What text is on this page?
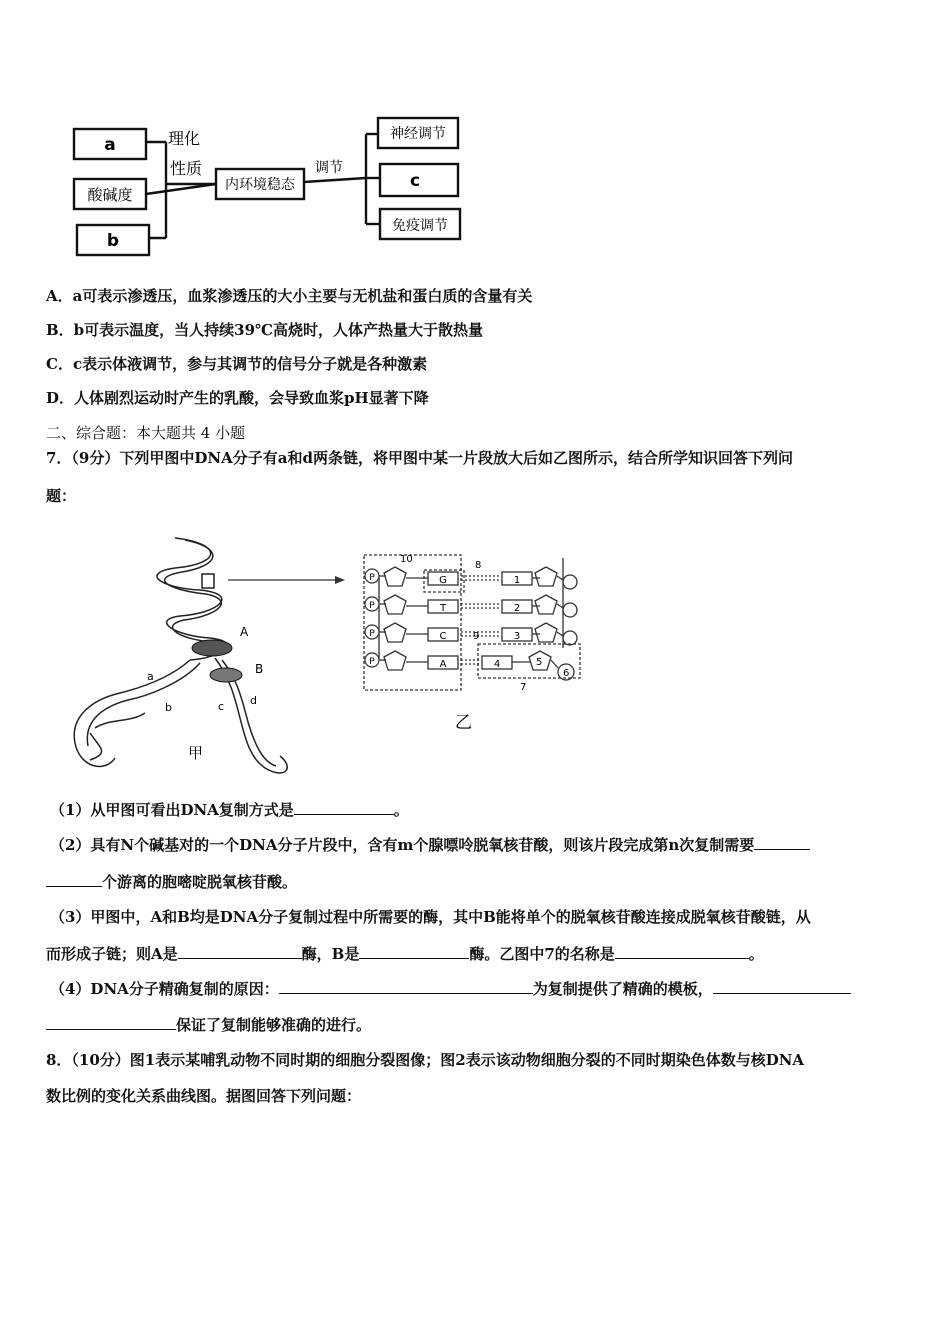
a
酸碱度
b
理化
性质
内环境稳态
调节
神经调节
c
免疫调节
A．a可表示渗透压，血浆渗透压的大小主要与无机盐和蛋白质的含量有关
B．b可表示温度，当人持续39℃高烧时，人体产热量大于散热量
C．c表示体液调节，参与其调节的信号分子就是各种激素
D．人体剧烈运动时产生的乳酸，会导致血浆pH显著下降
二、综合题：本大题共 4 小题
7．（9分）下列甲图中DNA分子有a和d两条链，将甲图中某一片段放大后如乙图所示，结合所学知识回答下列问
题：
A
B
a
b	c d
甲
P
P
P
P
G
T
C
A
1
2
3
4
10
8
9
5
6
7
乙
（1）从甲图可看出DNA复制方式是	。
（2）具有N个碱基对的一个DNA分子片段中，含有m个腺嘌呤脱氧核苷酸，则该片段完成第n次复制需要
个游离的胞嘧啶脱氧核苷酸。
（3）甲图中，A和B均是DNA分子复制过程中所需要的酶，其中B能将单个的脱氧核苷酸连接成脱氧核苷酸链，从
而形成子链；则A是	酶，B是	酶。乙图中7的名称是	。
（4）DNA分子精确复制的原因：	为复制提供了精确的模板，
保证了复制能够准确的进行。
8．（10分）图1表示某哺乳动物不同时期的细胞分裂图像；图2表示该动物细胞分裂的不同时期染色体数与核DNA
数比例的变化关系曲线图。据图回答下列问题：
